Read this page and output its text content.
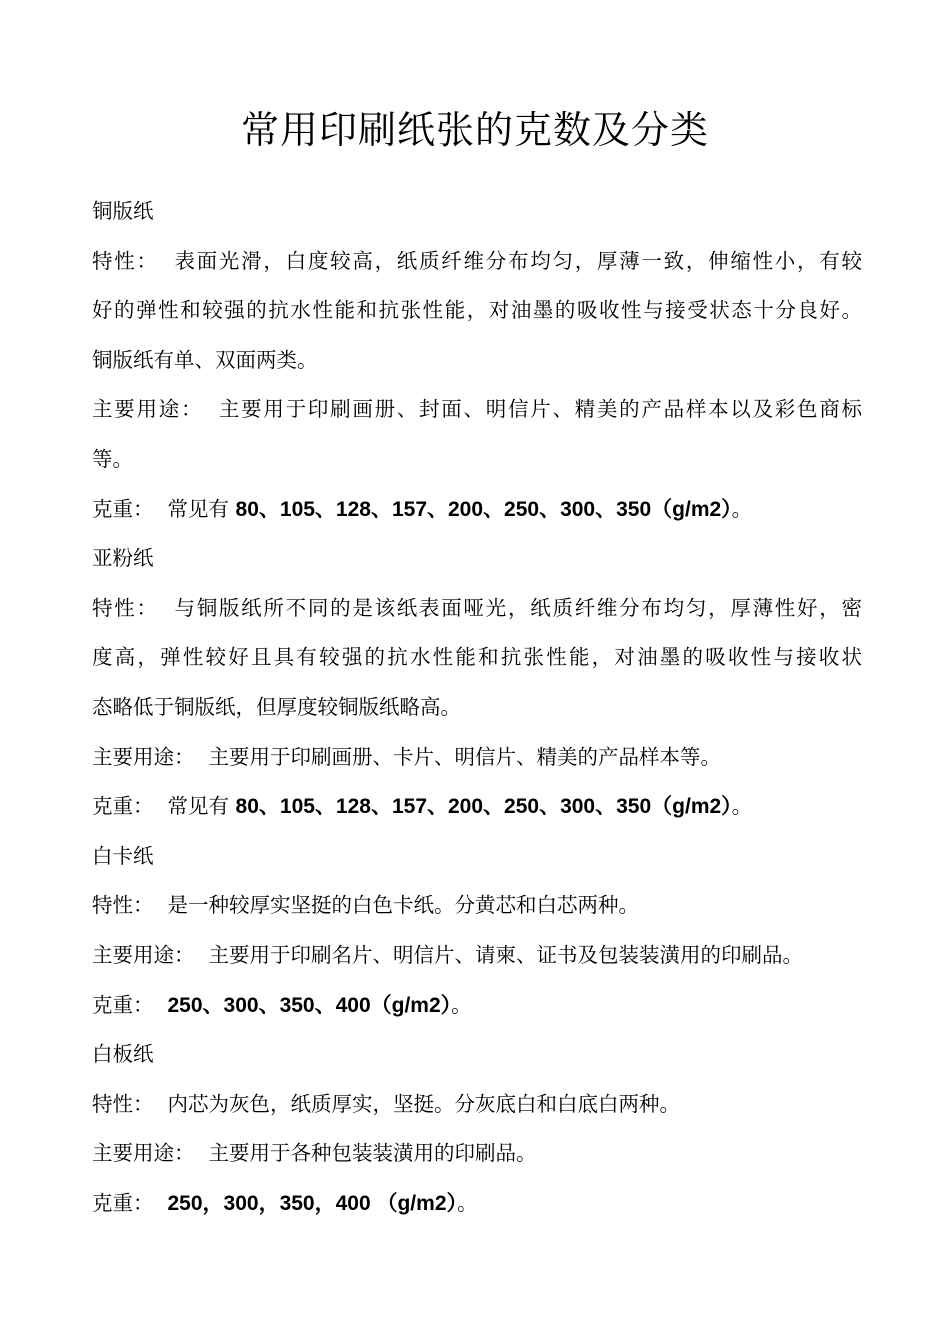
常用印刷纸张的克数及分类
铜版纸
特性： 表面光滑，白度较高，纸质纤维分布均匀，厚薄一致，伸缩性小，有较
好的弹性和较强的抗水性能和抗张性能，对油墨的吸收性与接受状态十分良好。
铜版纸有单、双面两类。
主要用途： 主要用于印刷画册、封面、明信片、精美的产品样本以及彩色商标
等。
克重： 常见有 80、105、128、157、200、250、300、350（g/m2）。
亚粉纸
特性： 与铜版纸所不同的是该纸表面哑光，纸质纤维分布均匀，厚薄性好，密
度高，弹性较好且具有较强的抗水性能和抗张性能，对油墨的吸收性与接收状
态略低于铜版纸，但厚度较铜版纸略高。
主要用途： 主要用于印刷画册、卡片、明信片、精美的产品样本等。
克重： 常见有 80、105、128、157、200、250、300、350（g/m2）。
白卡纸
特性： 是一种较厚实坚挺的白色卡纸。分黄芯和白芯两种。
主要用途： 主要用于印刷名片、明信片、请柬、证书及包装装潢用的印刷品。
克重： 250、300、350、400（g/m2）。
白板纸
特性： 内芯为灰色，纸质厚实，坚挺。分灰底白和白底白两种。
主要用途： 主要用于各种包装装潢用的印刷品。
克重： 250，300，350，400 （g/m2）。
